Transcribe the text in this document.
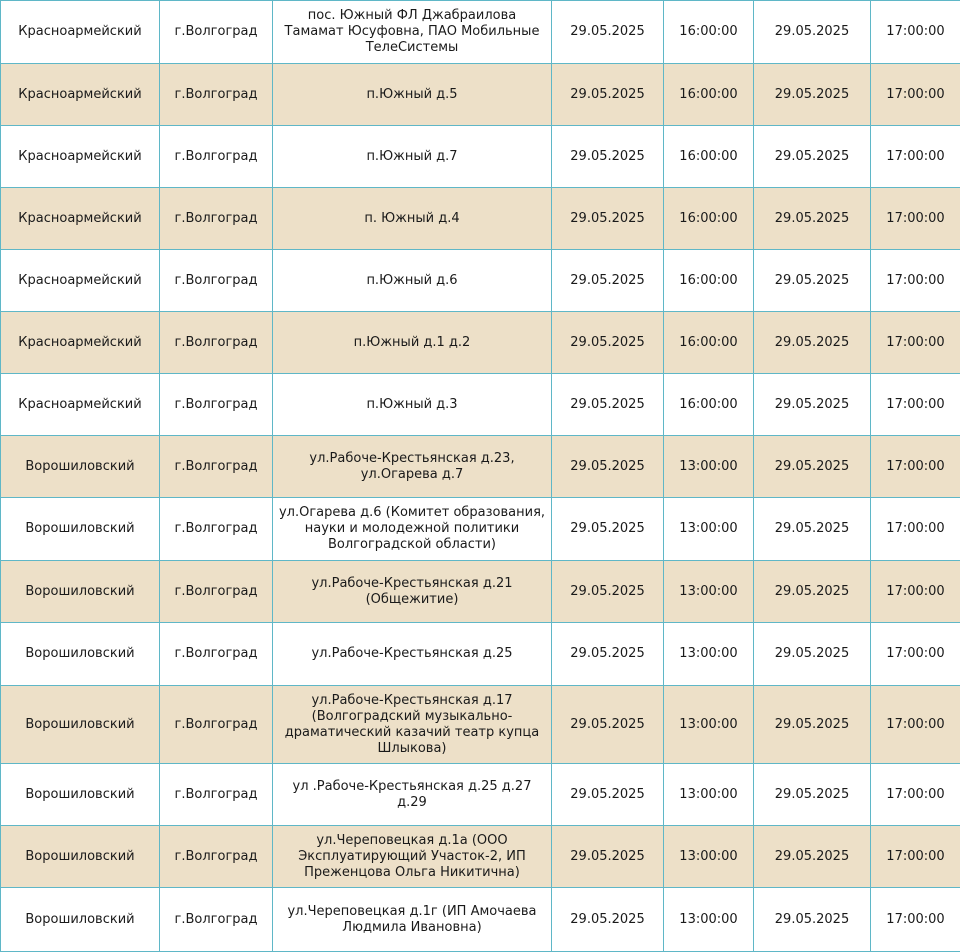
Красноармейский	г.Волгоград	пос. Южный ФЛ Джабраилова Тамамат Юсуфовна, ПАО Мобильные ТелеСистемы	29.05.2025	16:00:00	29.05.2025	17:00:00
Красноармейский	г.Волгоград	п.Южный д.5	29.05.2025	16:00:00	29.05.2025	17:00:00
Красноармейский	г.Волгоград	п.Южный д.7	29.05.2025	16:00:00	29.05.2025	17:00:00
Красноармейский	г.Волгоград	п. Южный д.4	29.05.2025	16:00:00	29.05.2025	17:00:00
Красноармейский	г.Волгоград	п.Южный д.6	29.05.2025	16:00:00	29.05.2025	17:00:00
Красноармейский	г.Волгоград	п.Южный д.1 д.2	29.05.2025	16:00:00	29.05.2025	17:00:00
Красноармейский	г.Волгоград	п.Южный д.3	29.05.2025	16:00:00	29.05.2025	17:00:00
Ворошиловский	г.Волгоград	ул.Рабоче-Крестьянская д.23, ул.Огарева д.7	29.05.2025	13:00:00	29.05.2025	17:00:00
Ворошиловский	г.Волгоград	ул.Огарева д.6 (Комитет образования, науки и молодежной политики Волгоградской области)	29.05.2025	13:00:00	29.05.2025	17:00:00
Ворошиловский	г.Волгоград	ул.Рабоче-Крестьянская д.21 (Общежитие)	29.05.2025	13:00:00	29.05.2025	17:00:00
Ворошиловский	г.Волгоград	ул.Рабоче-Крестьянская д.25	29.05.2025	13:00:00	29.05.2025	17:00:00
Ворошиловский	г.Волгоград	ул.Рабоче-Крестьянская д.17 (Волгоградский музыкально-драматический казачий театр купца Шлыкова)	29.05.2025	13:00:00	29.05.2025	17:00:00
Ворошиловский	г.Волгоград	ул .Рабоче-Крестьянская д.25 д.27 д.29	29.05.2025	13:00:00	29.05.2025	17:00:00
Ворошиловский	г.Волгоград	ул.Череповецкая д.1а (ООО Эксплуатирующий Участок-2, ИП Преженцова Ольга Никитична)	29.05.2025	13:00:00	29.05.2025	17:00:00
Ворошиловский	г.Волгоград	ул.Череповецкая д.1г (ИП Амочаева Людмила Ивановна)	29.05.2025	13:00:00	29.05.2025	17:00:00
